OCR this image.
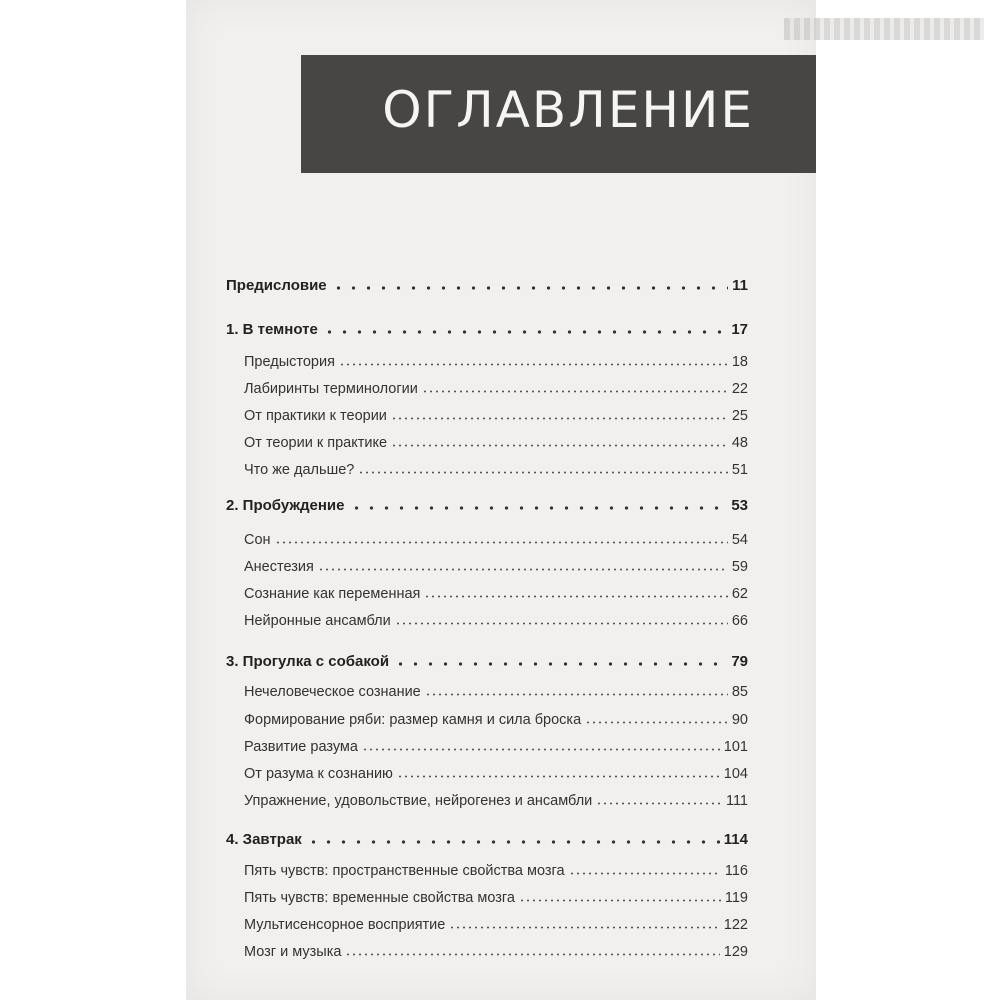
ОГЛАВЛЕНИЕ
Предисловие	11
1. В темноте	17
Предыстория	18
Лабиринты терминологии	22
От практики к теории	25
От теории к практике	48
Что же дальше?	51
2. Пробуждение	53
Сон	54
Анестезия	59
Сознание как переменная	62
Нейронные ансамбли	66
3. Прогулка с собакой	79
Нечеловеческое сознание	85
Формирование ряби: размер камня и сила броска	90
Развитие разума	101
От разума к сознанию	104
Упражнение, удовольствие, нейрогенез и ансамбли	111
4. Завтрак	114
Пять чувств: пространственные свойства мозга	116
Пять чувств: временные свойства мозга	119
Мультисенсорное восприятие	122
Мозг и музыка	129
